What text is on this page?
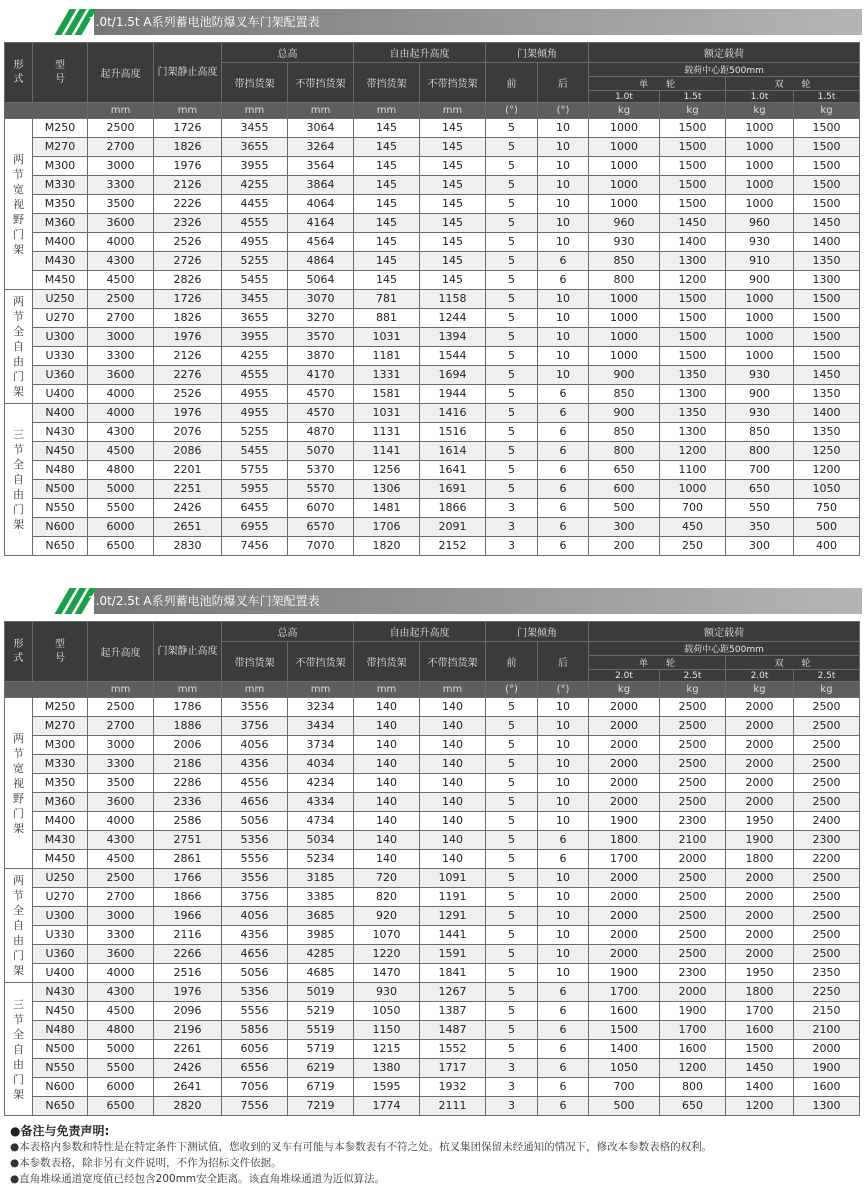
1.0t/1.5t A系列蓄电池防爆叉车门架配置表
形式	型号	起升高度	门架静止高度	总高		自由起升高度		门架倾角		额定载荷			
				带挡货架	不带挡货架	带挡货架	不带挡货架	前	后	载荷中心距500mm			
										单　　轮		双　　轮	
										1.0t	1.5t	1.0t	1.5t
		mm	mm	mm	mm	mm	mm	(°)	(°)	kg	kg	kg	kg
两节宽视野门架	M250	2500	1726	3455	3064	145	145	5	10	1000	1500	1000	1500
	M270	2700	1826	3655	3264	145	145	5	10	1000	1500	1000	1500
	M300	3000	1976	3955	3564	145	145	5	10	1000	1500	1000	1500
	M330	3300	2126	4255	3864	145	145	5	10	1000	1500	1000	1500
	M350	3500	2226	4455	4064	145	145	5	10	1000	1500	1000	1500
	M360	3600	2326	4555	4164	145	145	5	10	960	1450	960	1450
	M400	4000	2526	4955	4564	145	145	5	10	930	1400	930	1400
	M430	4300	2726	5255	4864	145	145	5	6	850	1300	910	1350
	M450	4500	2826	5455	5064	145	145	5	6	800	1200	900	1300
两节全自由门架	U250	2500	1726	3455	3070	781	1158	5	10	1000	1500	1000	1500
	U270	2700	1826	3655	3270	881	1244	5	10	1000	1500	1000	1500
	U300	3000	1976	3955	3570	1031	1394	5	10	1000	1500	1000	1500
	U330	3300	2126	4255	3870	1181	1544	5	10	1000	1500	1000	1500
	U360	3600	2276	4555	4170	1331	1694	5	10	900	1350	930	1450
	U400	4000	2526	4955	4570	1581	1944	5	6	850	1300	900	1350
三节全自由门架	N400	4000	1976	4955	4570	1031	1416	5	6	900	1350	930	1400
	N430	4300	2076	5255	4870	1131	1516	5	6	850	1300	850	1350
	N450	4500	2086	5455	5070	1141	1614	5	6	800	1200	800	1250
	N480	4800	2201	5755	5370	1256	1641	5	6	650	1100	700	1200
	N500	5000	2251	5955	5570	1306	1691	5	6	600	1000	650	1050
	N550	5500	2426	6455	6070	1481	1866	3	6	500	700	550	750
	N600	6000	2651	6955	6570	1706	2091	3	6	300	450	350	500
	N650	6500	2830	7456	7070	1820	2152	3	6	200	250	300	400
2.0t/2.5t A系列蓄电池防爆叉车门架配置表
形式	型号	起升高度	门架静止高度	总高		自由起升高度		门架倾角		额定载荷			
				带挡货架	不带挡货架	带挡货架	不带挡货架	前	后	载荷中心距500mm			
										单　　轮		双　　轮	
										2.0t	2.5t	2.0t	2.5t
		mm	mm	mm	mm	mm	mm	(°)	(°)	kg	kg	kg	kg
两节宽视野门架	M250	2500	1786	3556	3234	140	140	5	10	2000	2500	2000	2500
	M270	2700	1886	3756	3434	140	140	5	10	2000	2500	2000	2500
	M300	3000	2006	4056	3734	140	140	5	10	2000	2500	2000	2500
	M330	3300	2186	4356	4034	140	140	5	10	2000	2500	2000	2500
	M350	3500	2286	4556	4234	140	140	5	10	2000	2500	2000	2500
	M360	3600	2336	4656	4334	140	140	5	10	2000	2500	2000	2500
	M400	4000	2586	5056	4734	140	140	5	10	1900	2300	1950	2400
	M430	4300	2751	5356	5034	140	140	5	6	1800	2100	1900	2300
	M450	4500	2861	5556	5234	140	140	5	6	1700	2000	1800	2200
两节全自由门架	U250	2500	1766	3556	3185	720	1091	5	10	2000	2500	2000	2500
	U270	2700	1866	3756	3385	820	1191	5	10	2000	2500	2000	2500
	U300	3000	1966	4056	3685	920	1291	5	10	2000	2500	2000	2500
	U330	3300	2116	4356	3985	1070	1441	5	10	2000	2500	2000	2500
	U360	3600	2266	4656	4285	1220	1591	5	10	2000	2500	2000	2500
	U400	4000	2516	5056	4685	1470	1841	5	10	1900	2300	1950	2350
三节全自由门架	N430	4300	1976	5356	5019	930	1267	5	6	1700	2000	1800	2250
	N450	4500	2096	5556	5219	1050	1387	5	6	1600	1900	1700	2150
	N480	4800	2196	5856	5519	1150	1487	5	6	1500	1700	1600	2100
	N500	5000	2261	6056	5719	1215	1552	5	6	1400	1600	1500	2000
	N550	5500	2426	6556	6219	1380	1717	3	6	1050	1200	1450	1900
	N600	6000	2641	7056	6719	1595	1932	3	6	700	800	1400	1600
	N650	6500	2820	7556	7219	1774	2111	3	6	500	650	1200	1300
●备注与免责声明:
●本表格内参数和特性是在特定条件下测试值，您收到的叉车有可能与本参数表有不符之处。杭叉集团保留未经通知的情况下，修改本参数表格的权利。
●本参数表格，除非另有文件说明，不作为招标文件依据。
●直角堆垛通道宽度值已经包含200mm安全距离。该直角堆垛通道为近似算法。
